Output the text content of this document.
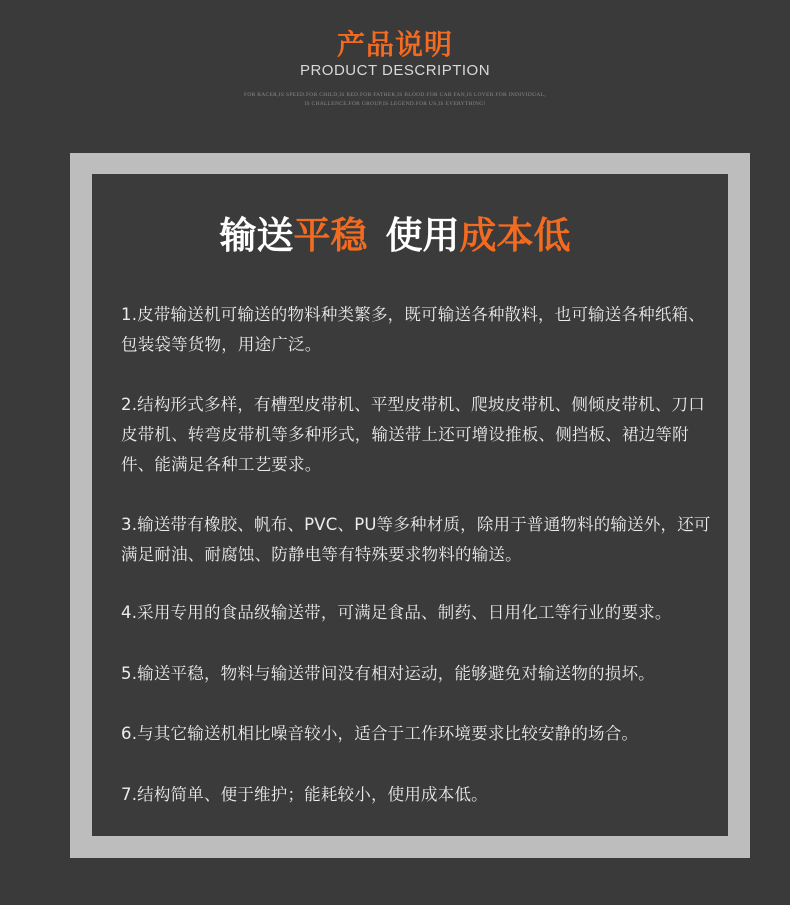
产品说明
PRODUCT DESCRIPTION
FOR RACER,IS SPEED.FOR CHILD,IS RED.FOR FATHER,IS BLOOD.FOR CAR FAN,IS LOVER.FOR INDIVIDUAL,
IS CHALLENCE.FOR GROUP,IS LEGEND.FOR US,IS EVERYTHING!
输送平稳 使用成本低
1.皮带输送机可输送的物料种类繁多，既可输送各种散料，也可输送各种纸箱、包装袋等货物，用途广泛。
2.结构形式多样，有槽型皮带机、平型皮带机、爬坡皮带机、侧倾皮带机、刀口皮带机、转弯皮带机等多种形式，输送带上还可增设推板、侧挡板、裙边等附件、能满足各种工艺要求。
3.输送带有橡胶、帆布、PVC、PU等多种材质，除用于普通物料的输送外，还可满足耐油、耐腐蚀、防静电等有特殊要求物料的输送。
4.采用专用的食品级输送带，可满足食品、制药、日用化工等行业的要求。
5.输送平稳，物料与输送带间没有相对运动，能够避免对输送物的损坏。
6.与其它输送机相比噪音较小，适合于工作环境要求比较安静的场合。
7.结构简单、便于维护；能耗较小，使用成本低。
